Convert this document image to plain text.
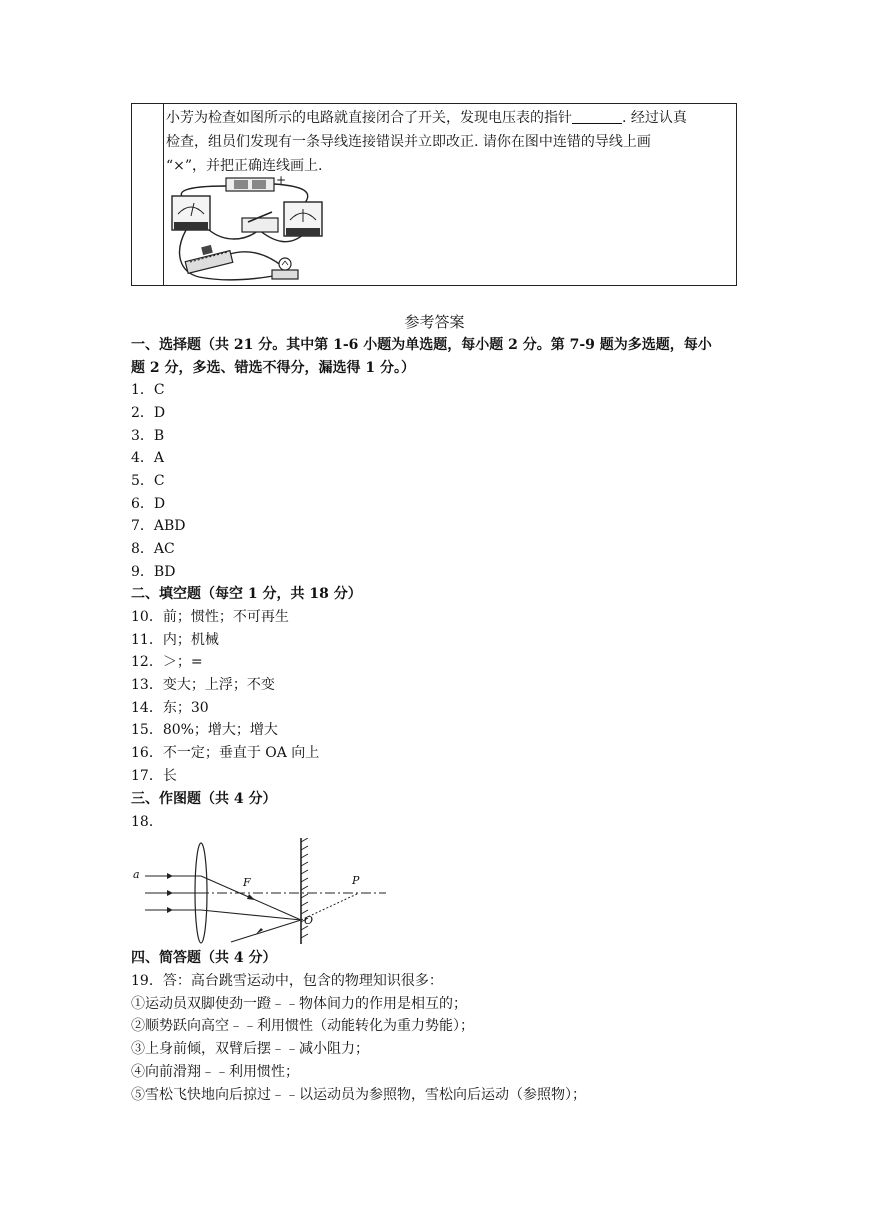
小芳为检查如图所示的电路就直接闭合了开关，发现电压表的指针	. 经过认真
检查，组员们发现有一条导线连接错误并立即改正. 请你在图中连错的导线上画
“×”，并把正确连线画上.
-	+
参考答案
一、选择题（共 21 分。其中第 1-6 小题为单选题，每小题 2 分。第 7-9 题为多选题，每小
题 2 分，多选、错选不得分，漏选得 1 分。）
1．C
2．D
3．B
4．A
5．C
6．D
7．ABD
8．AC
9．BD
二、填空题（每空 1 分，共 18 分）
10．前；惯性；不可再生
11．内；机械
12．＞；=
13．变大；上浮；不变
14．东；30
15．80%；增大；增大
16．不一定；垂直于 OA 向上
17．长
三、作图题（共 4 分）
18．
a
F	P
O
四、简答题（共 4 分）
19．答：高台跳雪运动中，包含的物理知识很多：
①运动员双脚使劲一蹬﹣﹣物体间力的作用是相互的；
②顺势跃向高空﹣﹣利用惯性（动能转化为重力势能）；
③上身前倾，双臂后摆﹣﹣减小阻力；
④向前滑翔﹣﹣利用惯性；
⑤雪松飞快地向后掠过﹣﹣以运动员为参照物，雪松向后运动（参照物）；
